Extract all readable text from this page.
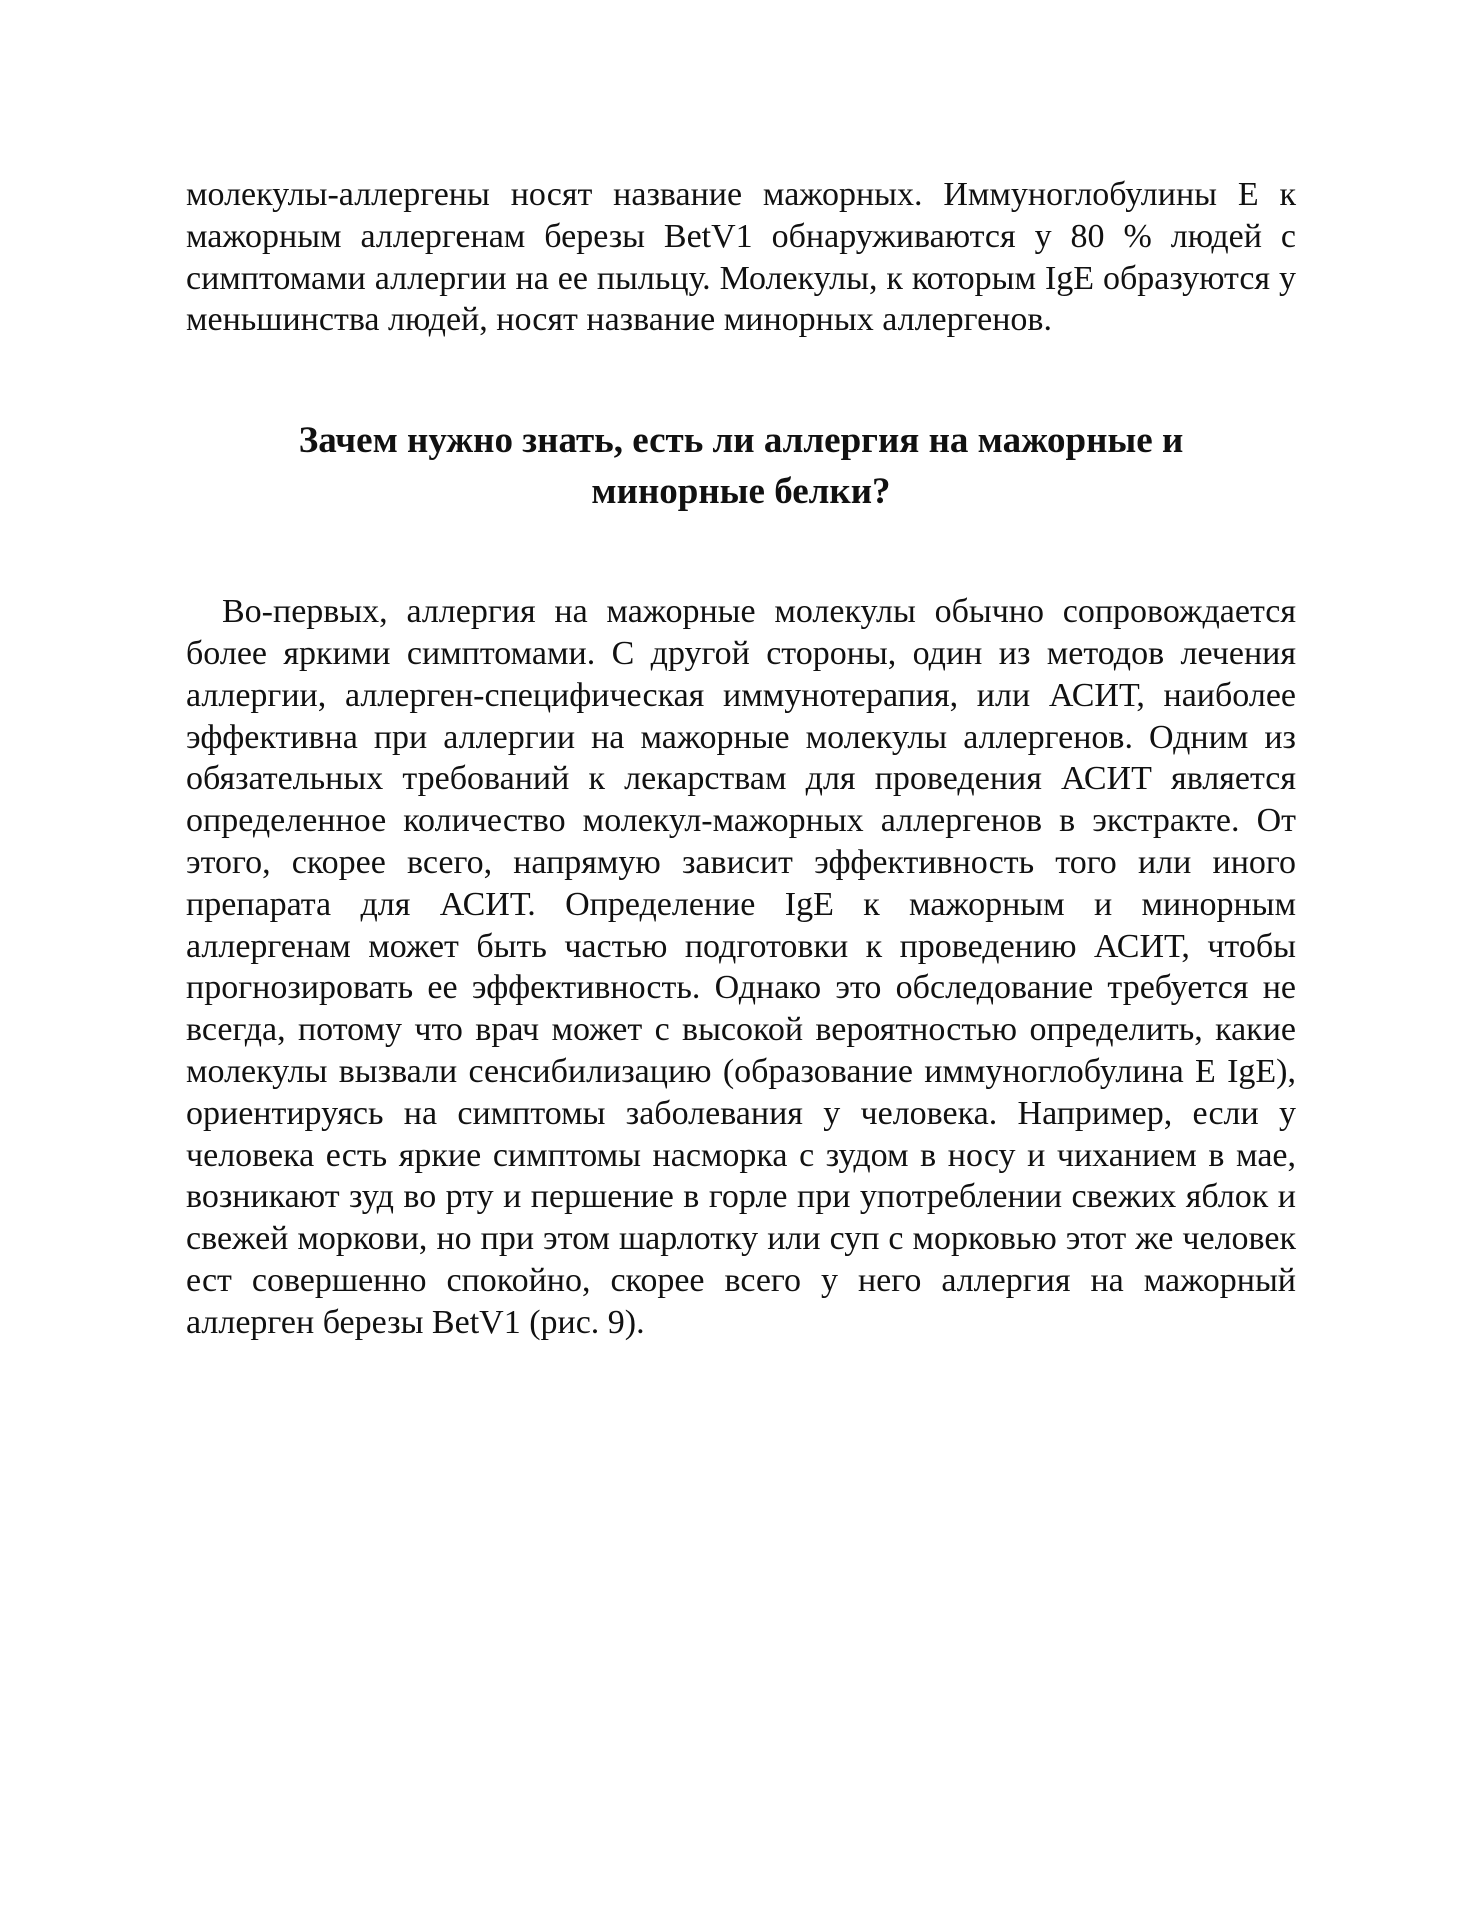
молекулы-аллергены носят название мажорных. Иммуноглобулины Е к мажорным аллергенам березы BetV1 обнаруживаются у 80 % людей с симптомами аллергии на ее пыльцу. Молекулы, к которым IgE образуются у меньшинства людей, носят название минорных аллергенов.

Зачем нужно знать, есть ли аллергия на мажорные и
минорные белки?

Во-первых, аллергия на мажорные молекулы обычно сопровождается более яркими симптомами. С другой стороны, один из методов лечения аллергии, аллерген-специфическая иммунотерапия, или АСИТ, наиболее эффективна при аллергии на мажорные молекулы аллергенов. Одним из обязательных требований к лекарствам для проведения АСИТ является определенное количество молекул-мажорных аллергенов в экстракте. От этого, скорее всего, напрямую зависит эффективность того или иного препарата для АСИТ. Определение IgE к мажорным и минорным аллергенам может быть частью подготовки к проведению АСИТ, чтобы прогнозировать ее эффективность. Однако это обследование требуется не всегда, потому что врач может с высокой вероятностью определить, какие молекулы вызвали сенсибилизацию (образование иммуноглобулина Е IgE), ориентируясь на симптомы заболевания у человека. Например, если у человека есть яркие симптомы насморка с зудом в носу и чиханием в мае, возникают зуд во рту и першение в горле при употреблении свежих яблок и свежей моркови, но при этом шарлотку или суп с морковью этот же человек ест совершенно спокойно, скорее всего у него аллергия на мажорный аллерген березы BetV1 (рис. 9).
